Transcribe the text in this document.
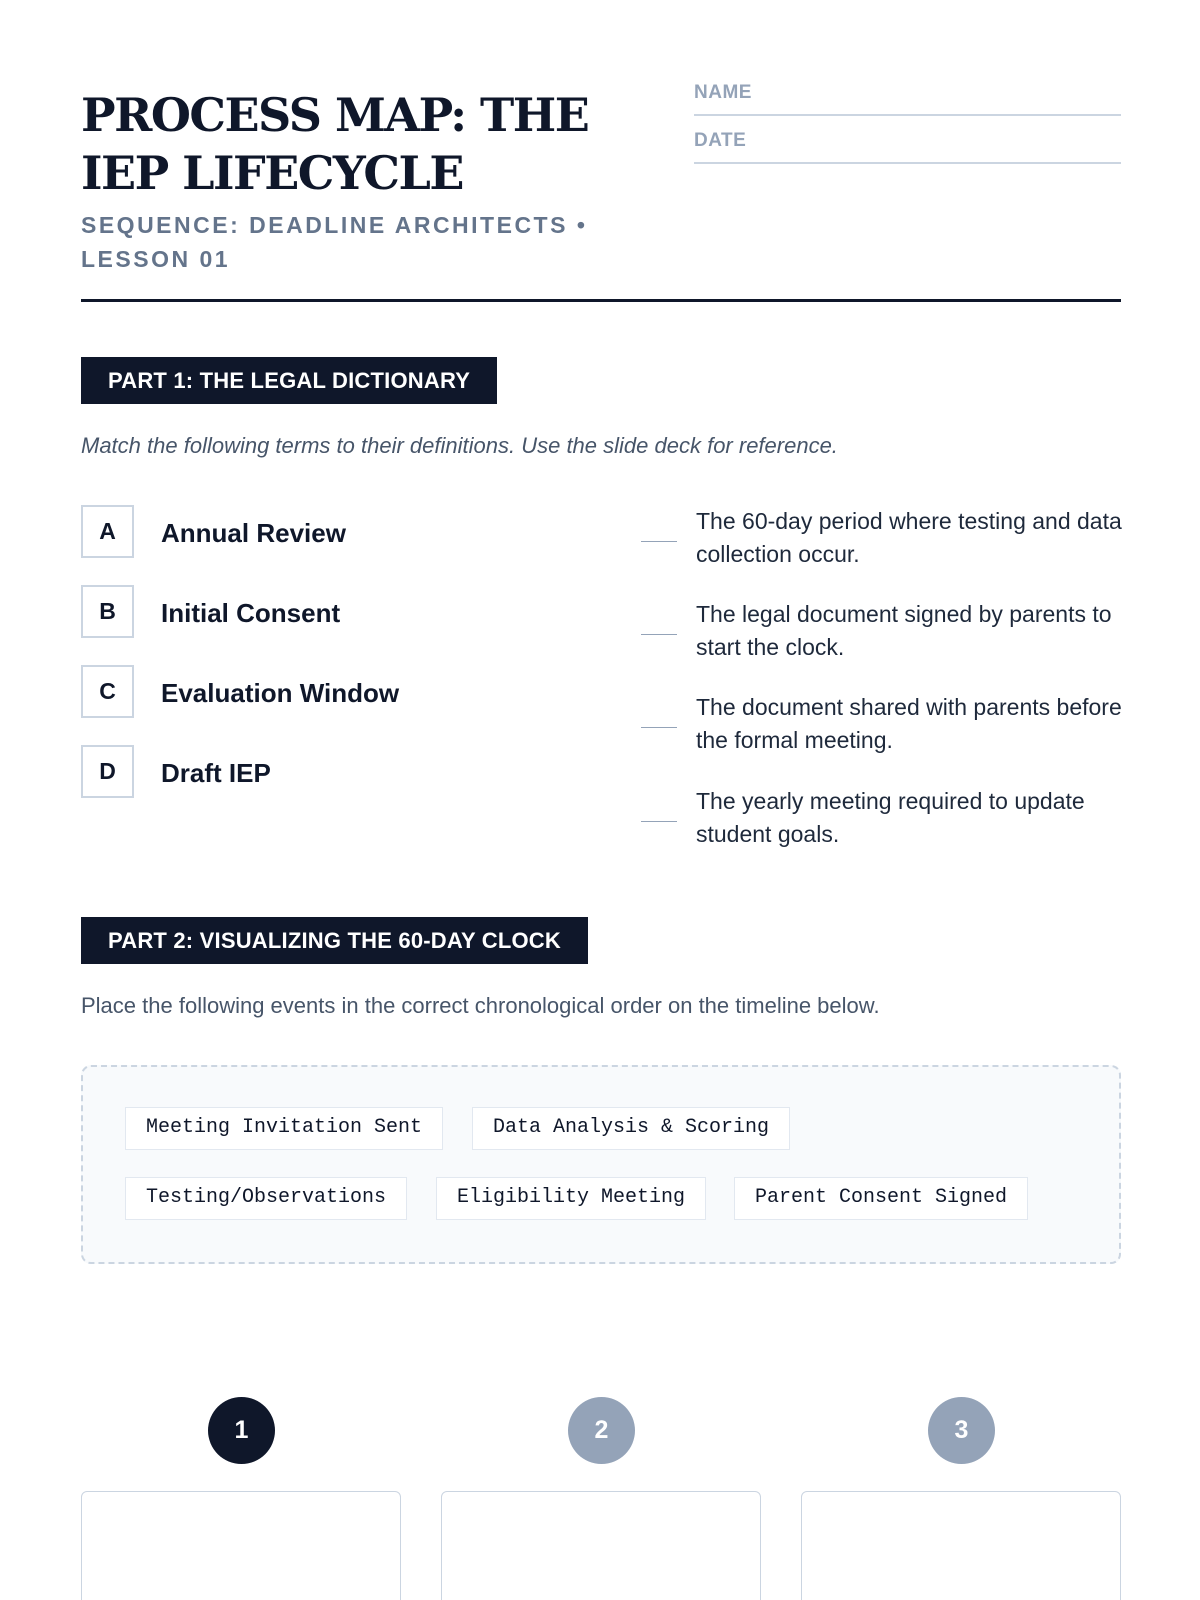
PROCESS MAP: THE IEP LIFECYCLE
SEQUENCE: DEADLINE ARCHITECTS • LESSON 01
NAME
DATE
PART 1: THE LEGAL DICTIONARY
Match the following terms to their definitions. Use the slide deck for reference.
A	Annual Review
B	Initial Consent
C	Evaluation Window
D	Draft IEP
The 60-day period where testing and data collection occur.
The legal document signed by parents to start the clock.
The document shared with parents before the formal meeting.
The yearly meeting required to update student goals.
PART 2: VISUALIZING THE 60-DAY CLOCK
Place the following events in the correct chronological order on the timeline below.
Meeting Invitation Sent	Data Analysis & Scoring
Testing/Observations	Eligibility Meeting	Parent Consent Signed
1	2	3
